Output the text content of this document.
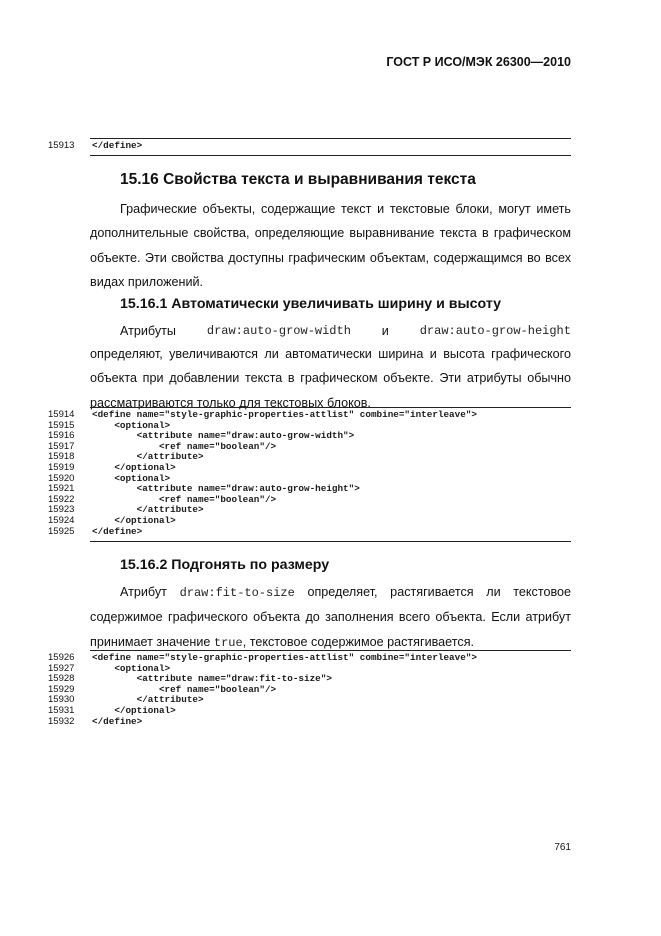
ГОСТ Р ИСО/МЭК 26300—2010
15913	</define>
15.16 Свойства текста и выравнивания текста

Графические объекты, содержащие текст и текстовые блоки, могут иметь дополнительные свойства, определяющие выравнивание текста в графическом объекте. Эти свойства доступны графическим объектам, содержащимся во всех видах приложений.

15.16.1 Автоматически увеличивать ширину и высоту
Атрибуты	draw:auto-grow-width и	draw:auto-grow-height

определяют, увеличиваются ли автоматически ширина и высота графического объекта при добавлении текста в графическом объекте. Эти атрибуты обычно рассматриваются только для текстовых блоков.

15914	<define name="style-graphic-properties-attlist" combine="interleave">
15915	<optional>
15916	<attribute name="draw:auto-grow-width">
15917	<ref name="boolean"/>
15918	</attribute>
15919	</optional>
15920	<optional>
15921	<attribute name="draw:auto-grow-height">
15922	<ref name="boolean"/>
15923	</attribute>
15924	</optional>
15925	</define>
15.16.2 Подгонять по размеру

Атрибут draw:fit-to-size определяет, растягивается ли текстовое содержимое графического объекта до заполнения всего объекта. Если атрибут принимает значение true, текстовое содержимое растягивается.

15926	<define name="style-graphic-properties-attlist" combine="interleave">
15927	<optional>
15928	<attribute name="draw:fit-to-size">
15929	<ref name="boolean"/>
15930	</attribute>
15931	</optional>
15932	</define>
761
